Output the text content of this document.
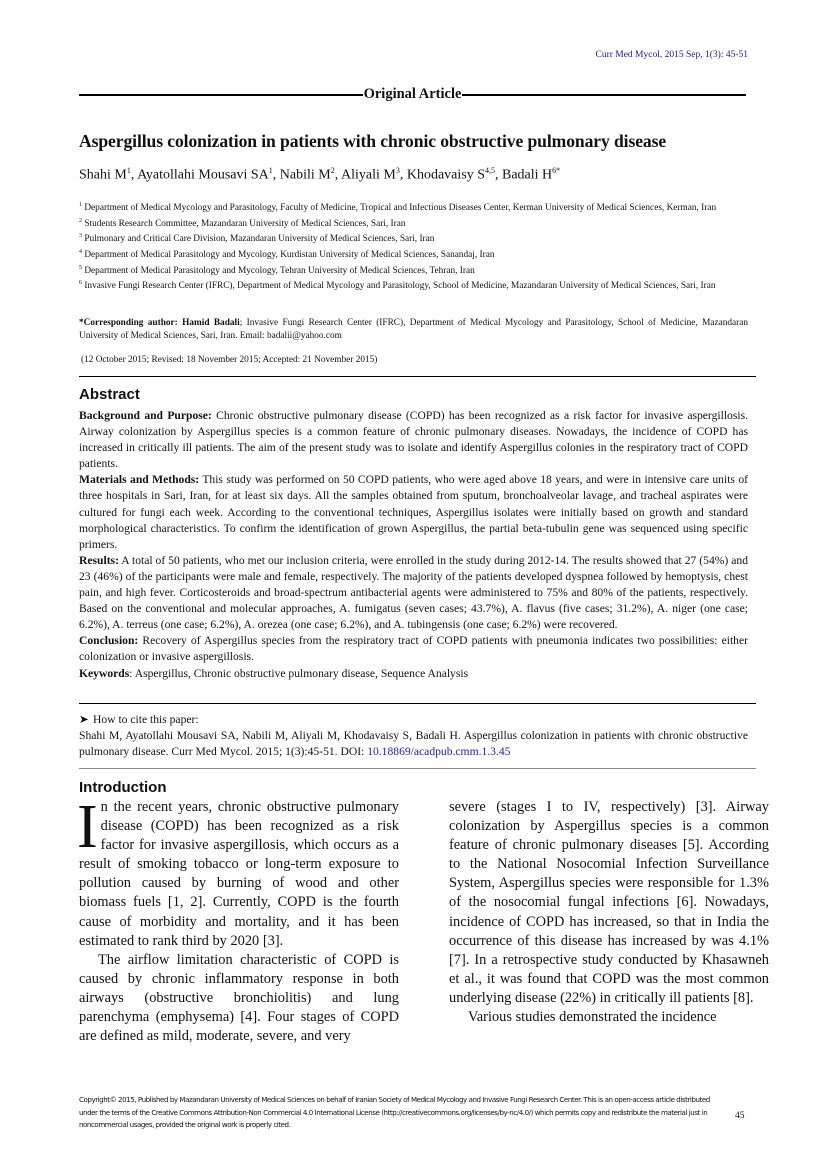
Curr Med Mycol, 2015 Sep, 1(3): 45-51
Original Article
Aspergillus colonization in patients with chronic obstructive pulmonary disease
Shahi $M^1$, Ayatollahi Mousavi $SA^1$, Nabili $M^2$, Aliyali $M^3$, Khodavaisy S$^{4,5}$, Badali $H^{6*}$
$^1$ Department of Medical Mycology and Parasitology, Faculty of Medicine, Tropical and Infectious Diseases Center, Kerman University of Medical Sciences, Kerman, Iran
$^2$ Students Research Committee, Mazandaran University of Medical Sciences, Sari, Iran
$^3$ Pulmonary and Critical Care Division, Mazandaran University of Medical Sciences, Sari, Iran
$^4$ Department of Medical Parasitology and Mycology, Kurdistan University of Medical Sciences, Sanandaj, Iran
$^5$ Department of Medical Parasitology and Mycology, Tehran University of Medical Sciences, Tehran, Iran
$^6$ Invasive Fungi Research Center (IFRC), Department of Medical Mycology and Parasitology, School of Medicine, Mazandaran University of Medical Sciences, Sari, Iran
*Corresponding author: Hamid Badali; Invasive Fungi Research Center (IFRC), Department of Medical Mycology and Parasitology, School of Medicine, Mazandaran University of Medical Sciences, Sari, Iran. Email: badalii@yahoo.com
(12 October 2015; Revised: 18 November 2015; Accepted: 21 November 2015)
Abstract

Background and Purpose: Chronic obstructive pulmonary disease (COPD) has been recognized as a risk factor for invasive aspergillosis. Airway colonization by Aspergillus species is a common feature of chronic pulmonary diseases. Nowadays, the incidence of COPD has increased in critically ill patients. The aim of the present study was to isolate and identify Aspergillus colonies in the respiratory tract of COPD patients.

Materials and Methods: This study was performed on 50 COPD patients, who were aged above 18 years, and were in intensive care units of three hospitals in Sari, Iran, for at least six days. All the samples obtained from sputum, bronchoalveolar lavage, and tracheal aspirates were cultured for fungi each week. According to the conventional techniques, Aspergillus isolates were initially based on growth and standard morphological characteristics. To confirm the identification of grown Aspergillus, the partial beta-tubulin gene was sequenced using specific primers.

Results: A total of 50 patients, who met our inclusion criteria, were enrolled in the study during 2012-14. The results showed that 27 (54%) and 23 (46%) of the participants were male and female, respectively. The majority of the patients developed dyspnea followed by hemoptysis, chest pain, and high fever. Corticosteroids and broad-spectrum antibacterial agents were administered to 75% and 80% of the patients, respectively. Based on the conventional and molecular approaches, A. fumigatus (seven cases; 43.7%), A. flavus (five cases; 31.2%), A. niger (one case; 6.2%), A. terreus (one case; 6.2%), A. orezea (one case; 6.2%), and A. tubingensis (one case; 6.2%) were recovered.

Conclusion: Recovery of Aspergillus species from the respiratory tract of COPD patients with pneumonia indicates two possibilities: either colonization or invasive aspergillosis.

Keywords: Aspergillus, Chronic obstructive pulmonary disease, Sequence Analysis

➤ How to cite this paper:

Shahi M, Ayatollahi Mousavi SA, Nabili M, Aliyali M, Khodavaisy S, Badali H. Aspergillus colonization in patients with chronic obstructive pulmonary disease. Curr Med Mycol. 2015; 1(3):45-51. DOI: 10.18869/acadpub.cmm.1.3.45

Introduction

In the recent years, chronic obstructive pulmonary disease (COPD) has been recognized as a risk factor for invasive aspergillosis, which occurs as a result of smoking tobacco or long-term exposure to pollution caused by burning of wood and other biomass fuels [1, 2]. Currently, COPD is the fourth cause of morbidity and mortality, and it has been estimated to rank third by 2020 [3].

The airflow limitation characteristic of COPD is caused by chronic inflammatory response in both airways (obstructive bronchiolitis) and lung parenchyma (emphysema) [4]. Four stages of COPD are defined as mild, moderate, severe, and very

severe (stages I to IV, respectively) [3]. Airway colonization by Aspergillus species is a common feature of chronic pulmonary diseases [5]. According to the National Nosocomial Infection Surveillance System, Aspergillus species were responsible for 1.3% of the nosocomial fungal infections [6]. Nowadays, incidence of COPD has increased, so that in India the occurrence of this disease has increased by was 4.1% [7]. In a retrospective study conducted by Khasawneh et al., it was found that COPD was the most common underlying disease (22%) in critically ill patients [8].

Various studies demonstrated the incidence

Copyright© 2015, Published by Mazandaran University of Medical Sciences on behalf of Iranian Society of Medical Mycology and Invasive Fungi Research Center. This is an open-access article distributed under the terms of the Creative Commons Attribution-Non Commercial 4.0 International License (http://creativecommons.org/licenses/by-nc/4.0/) which permits copy and redistribute the material just in noncommercial usages, provided the original work is properly cited.
45
